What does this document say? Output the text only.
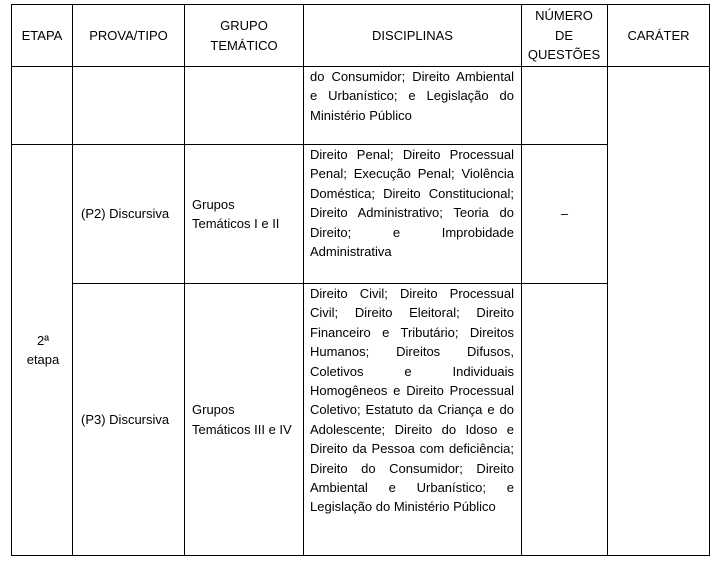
ETAPA	PROVA/TIPO
GRUPO TEMÁTICO
DISCIPLINAS
NÚMERO DE QUESTÕES
CARÁTER
do Consumidor; Direito Ambiental e Urbanístico; e Legislação do Ministério Público
2ª etapa
(P2) Discursiva
Grupos Temáticos I e II
Direito Penal; Direito Processual Penal; Execução Penal; Violência Doméstica; Direito Constitucional; Direito Administrativo; Teoria do Direito; e Improbidade Administrativa
–
(P3) Discursiva
Grupos Temáticos III e IV
Direito Civil; Direito Processual Civil; Direito Eleitoral; Direito Financeiro e Tributário; Direitos Humanos; Direitos Difusos, Coletivos e Individuais Homogêneos e Direito Processual Coletivo; Estatuto da Criança e do Adolescente; Direito do Idoso e Direito da Pessoa com deficiência; Direito do Consumidor; Direito Ambiental e Urbanístico; e Legislação do Ministério Público
